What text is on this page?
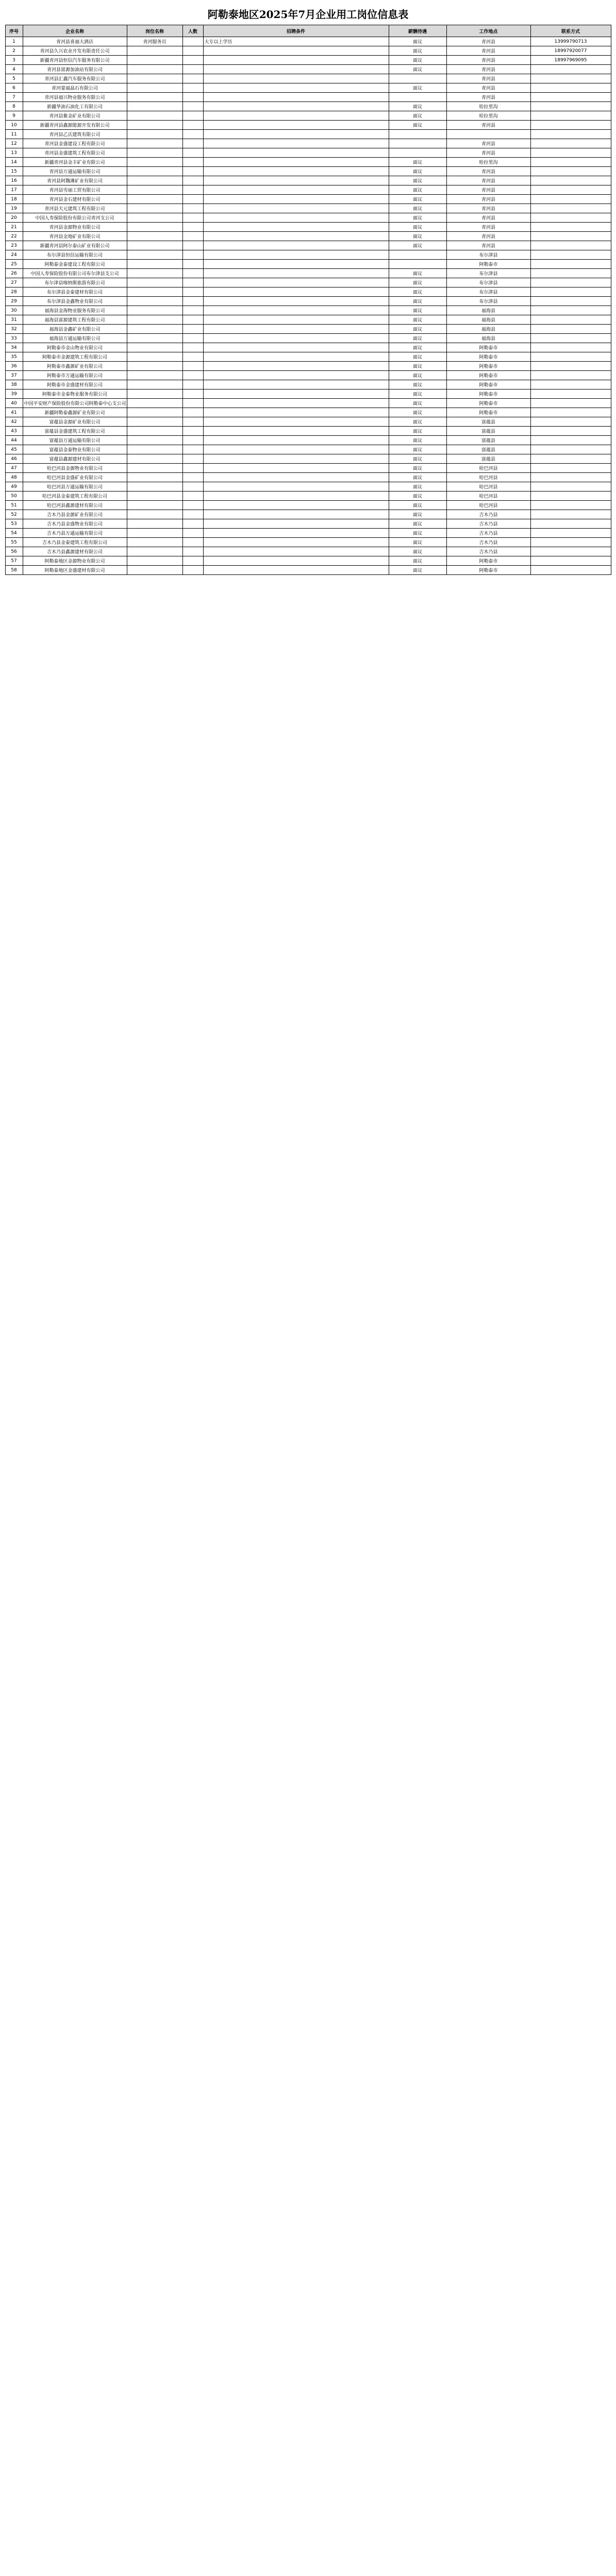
阿勒泰地区2025年7月企业用工岗位信息表
序号	企业名称	岗位名称	人数	招聘条件	薪酬待遇	工作地点	联系方式
1	青河县喜福大洒店	青河服务员		大专以上学历	面议	青河县	13999790713
2	青河县久兴农业开发有限责任公司				面议	青河县	18997920077
3	新疆青河县恒信汽车服务有限公司				面议	青河县	18997969095
4	青河县富源加油站有限公司				面议	青河县	
5	青河县汇鑫汽车服务有限公司					青河县	
6	青河蒙福晶石有限公司				面议	青河县	
7	青河县福兴物业服务有限公司					青河县	
8	新疆华油石油化工有限公司				面议	哈拉里沟	
9	青河县紫金矿业有限公司				面议	哈拉里沟	
10	新疆青河县鑫源能源开发有限公司				面议	青河县	
11	青河县乙氏建筑有限公司						
12	青河县金盛建设工程有限公司					青河县	
13	青河县金盛建筑工程有限公司					青河县	
14	新疆青河县金丰矿业有限公司				面议	哈拉里沟	
15	青河县万通运输有限公司				面议	青河县	
16	青河县阿魏滩矿业有限公司				面议	青河县	
17	青河县雪丽工贸有限公司				面议	青河县	
18	青河县金石建材有限公司				面议	青河县	
19	青河县天元建筑工程有限公司				面议	青河县	
20	中国人寿保险股份有限公司青河支公司				面议	青河县	
21	青河县金源物业有限公司				面议	青河县	
22	青河县金地矿业有限公司				面议	青河县	
23	新疆青河县阿尔泰山矿业有限公司				面议	青河县	
24	布尔津县恒信运输有限公司					布尔津县	
25	阿勒泰金泰建设工程有限公司					阿勒泰市	
26	中国人寿保险股份有限公司布尔津县支公司				面议	布尔津县	
27	布尔津县喀纳斯旅游有限公司				面议	布尔津县	
28	布尔津县金泰建材有限公司				面议	布尔津县	
29	布尔津县金鑫物业有限公司				面议	布尔津县	
30	福海县金海物业服务有限公司				面议	福海县	
31	福海县富源建筑工程有限公司				面议	福海县	
32	福海县金鑫矿业有限公司				面议	福海县	
33	福海县万通运输有限公司				面议	福海县	
34	阿勒泰市金山物业有限公司				面议	阿勒泰市	
35	阿勒泰市金源建筑工程有限公司				面议	阿勒泰市	
36	阿勒泰市鑫源矿业有限公司				面议	阿勒泰市	
37	阿勒泰市万通运输有限公司				面议	阿勒泰市	
38	阿勒泰市金盛建材有限公司				面议	阿勒泰市	
39	阿勒泰市金泰物业服务有限公司				面议	阿勒泰市	
40	中国平安财产保险股份有限公司阿勒泰中心支公司				面议	阿勒泰市	
41	新疆阿勒泰鑫源矿业有限公司				面议	阿勒泰市	
42	富蕴县金源矿业有限公司				面议	富蕴县	
43	富蕴县金盛建筑工程有限公司				面议	富蕴县	
44	富蕴县万通运输有限公司				面议	富蕴县	
45	富蕴县金泰物业有限公司				面议	富蕴县	
46	富蕴县鑫源建材有限公司				面议	富蕴县	
47	哈巴河县金源物业有限公司				面议	哈巴河县	
48	哈巴河县金盛矿业有限公司				面议	哈巴河县	
49	哈巴河县万通运输有限公司				面议	哈巴河县	
50	哈巴河县金泰建筑工程有限公司				面议	哈巴河县	
51	哈巴河县鑫源建材有限公司				面议	哈巴河县	
52	吉木乃县金源矿业有限公司				面议	吉木乃县	
53	吉木乃县金盛物业有限公司				面议	吉木乃县	
54	吉木乃县万通运输有限公司				面议	吉木乃县	
55	吉木乃县金泰建筑工程有限公司				面议	吉木乃县	
56	吉木乃县鑫源建材有限公司				面议	吉木乃县	
57	阿勒泰地区金源物业有限公司				面议	阿勒泰市	
58	阿勒泰地区金盛建材有限公司				面议	阿勒泰市	
